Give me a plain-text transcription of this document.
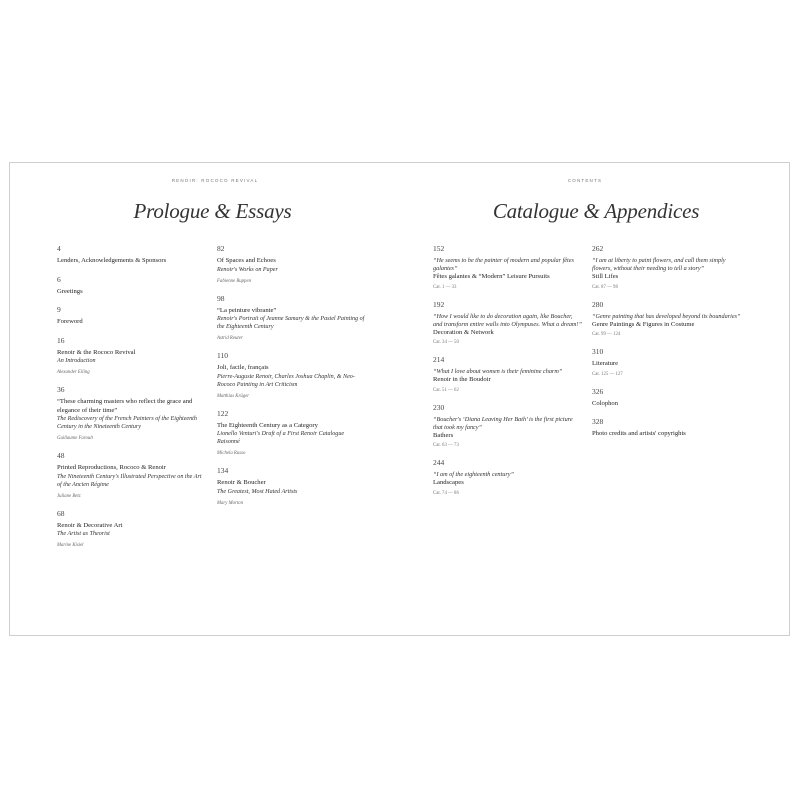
RENOIR: ROCOCO REVIVAL
Prologue & Essays
4
Lenders, Acknowledgements & Sponsors
6
Greetings
9
Foreword
16
Renoir & the Rococo Revival
An Introduction
Alexander Eiling
36
“These charming masters who reflect the grace and elegance of their time”
The Rediscovery of the French Painters of the Eighteenth Century in the Nineteenth Century
Guillaume Faroult
48
Printed Reproductions, Rococo & Renoir
The Nineteenth Century's Illustrated Perspective on the Art of the Ancien Régime
Juliane Betz
68
Renoir & Decorative Art
The Artist as Theorist
Marine Kisiel
82
Of Spaces and Echoes
Renoir's Works on Paper
Fabienne Ruppen
98
“La peinture vibrante”
Renoir's Portrait of Jeanne Samary & the Pastel Painting of the Eighteenth Century
Astrid Reuter
110
Joli, facile, français
Pierre-Auguste Renoir, Charles Joshua Chaplin, & Neo-Rococo Painting in Art Criticism
Matthias Krüger
122
The Eighteenth Century as a Category
Lionello Venturi's Draft of a First Renoir Catalogue Raisonné
Michela Russo
134
Renoir & Boucher
The Greatest, Most Hated Artists
Mary Morton
CONTENTS
Catalogue & Appendices
152
“He seems to be the painter of modern and popular fêtes galantes”
Fêtes galantes & “Modern” Leisure Pursuits
Cat. 1 — 33
192
“How I would like to do decoration again, like Boucher, and transform entire walls into Olympuses. What a dream!”
Decoration & Network
Cat. 34 — 50
214
“What I love about women is their feminine charm”
Renoir in the Boudoir
Cat. 51 — 62
230
“Boucher's ‘Diana Leaving Her Bath’ is the first picture that took my fancy”
Bathers
Cat. 63 — 73
244
“I am of the eighteenth century”
Landscapes
Cat. 74 — 86
262
“I am at liberty to paint flowers, and call them simply flowers, without their needing to tell a story”
Still Lifes
Cat. 87 — 98
280
“Genre painting that has developed beyond its boundaries”
Genre Paintings & Figures in Costume
Cat. 99 — 124
310
Literature
Cat. 125 — 127
326
Colophon
328
Photo credits and artists' copyrights
